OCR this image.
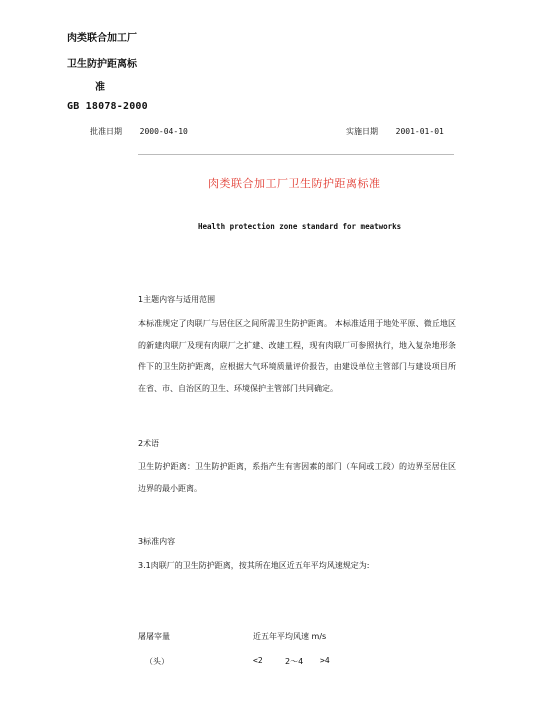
肉类联合加工厂
卫生防护距离标
准
GB 18078-2000
批准日期 2000-04-10	实施日期 2001-01-01
肉类联合加工厂卫生防护距离标准
Health protection zone standard for meatworks
1主题内容与适用范围
本标准规定了肉联厂与居住区之间所需卫生防护距离。 本标准适用于地处平原、微丘地区的新建肉联厂及现有肉联厂之扩建、改建工程，现有肉联厂可参照执行，地入复杂地形条件下的卫生防护距离，应根据大气环境质量评价报告，由建设单位主管部门与建设项目所在省、市、自治区的卫生、环境保护主管部门共同确定。
2术语
卫生防护距离：卫生防护距离，系指产生有害因素的部门（车间或工段）的边界至居住区边界的最小距离。
3标准内容
3.1肉联厂的卫生防护距离，按其所在地区近五年平均风速规定为:
屠屠宰量	近五年平均风速 m/s
（头）	<2	2～4 >4
